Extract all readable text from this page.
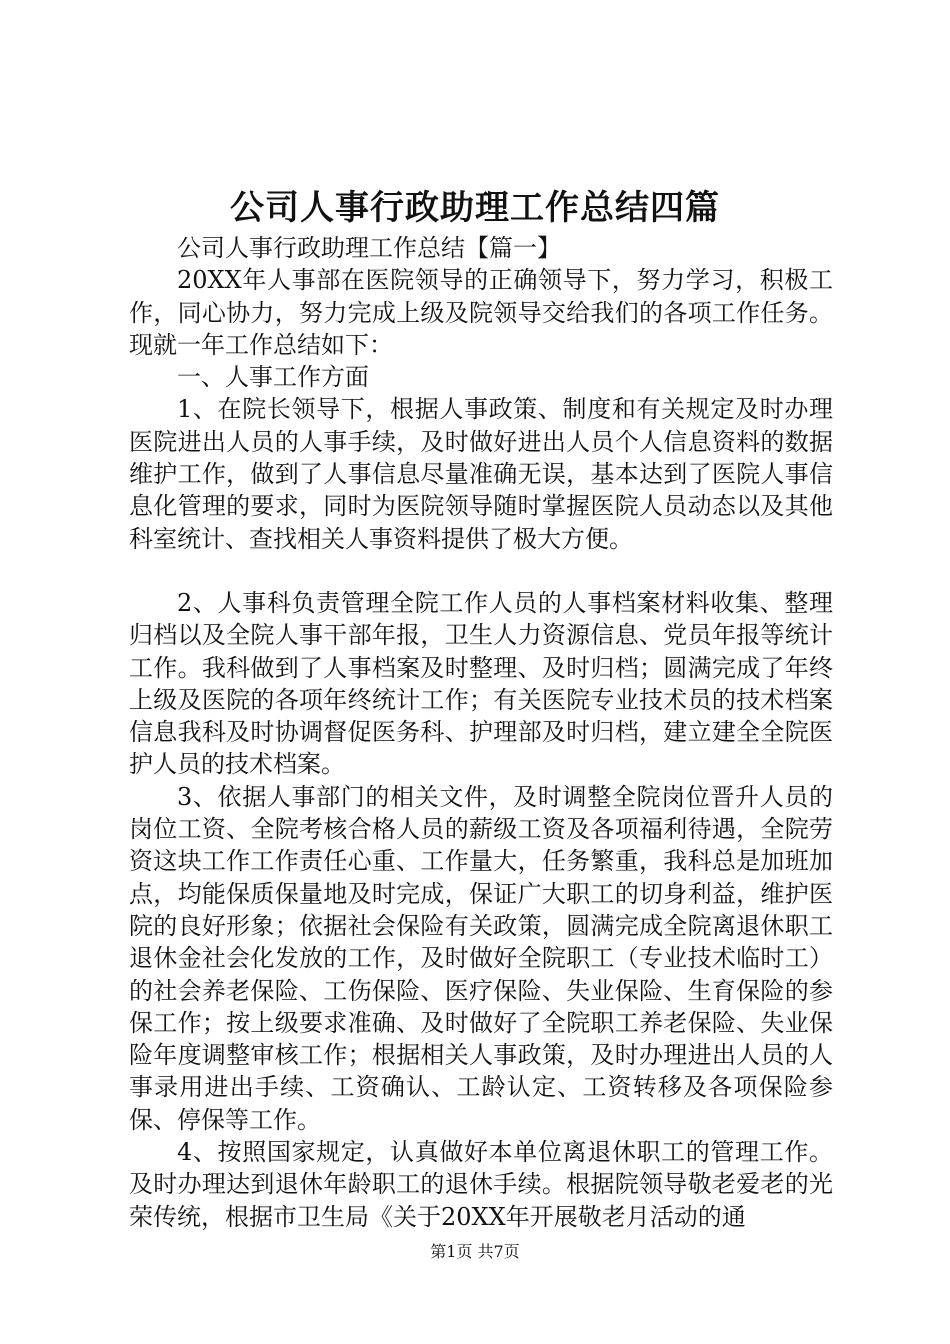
公司人事行政助理工作总结四篇

公司人事行政助理工作总结【篇一】

20XX年人事部在医院领导的正确领导下，努力学习，积极工作，同心协力，努力完成上级及院领导交给我们的各项工作任务。现就一年工作总结如下：

一、人事工作方面

1、在院长领导下，根据人事政策、制度和有关规定及时办理医院进出人员的人事手续，及时做好进出人员个人信息资料的数据维护工作，做到了人事信息尽量准确无误，基本达到了医院人事信息化管理的要求，同时为医院领导随时掌握医院人员动态以及其他科室统计、查找相关人事资料提供了极大方便。

2、人事科负责管理全院工作人员的人事档案材料收集、整理归档以及全院人事干部年报，卫生人力资源信息、党员年报等统计工作。我科做到了人事档案及时整理、及时归档；圆满完成了年终上级及医院的各项年终统计工作；有关医院专业技术员的技术档案信息我科及时协调督促医务科、护理部及时归档，建立建全全院医护人员的技术档案。

3、依据人事部门的相关文件，及时调整全院岗位晋升人员的岗位工资、全院考核合格人员的薪级工资及各项福利待遇，全院劳资这块工作工作责任心重、工作量大，任务繁重，我科总是加班加点，均能保质保量地及时完成，保证广大职工的切身利益，维护医院的良好形象；依据社会保险有关政策，圆满完成全院离退休职工退休金社会化发放的工作，及时做好全院职工（专业技术临时工）的社会养老保险、工伤保险、医疗保险、失业保险、生育保险的参保工作；按上级要求准确、及时做好了全院职工养老保险、失业保险年度调整审核工作；根据相关人事政策，及时办理进出人员的人事录用进出手续、工资确认、工龄认定、工资转移及各项保险参保、停保等工作。

4、按照国家规定，认真做好本单位离退休职工的管理工作。及时办理达到退休年龄职工的退休手续。根据院领导敬老爱老的光荣传统，根据市卫生局《关于20XX年开展敬老月活动的通

第1页 共7页
